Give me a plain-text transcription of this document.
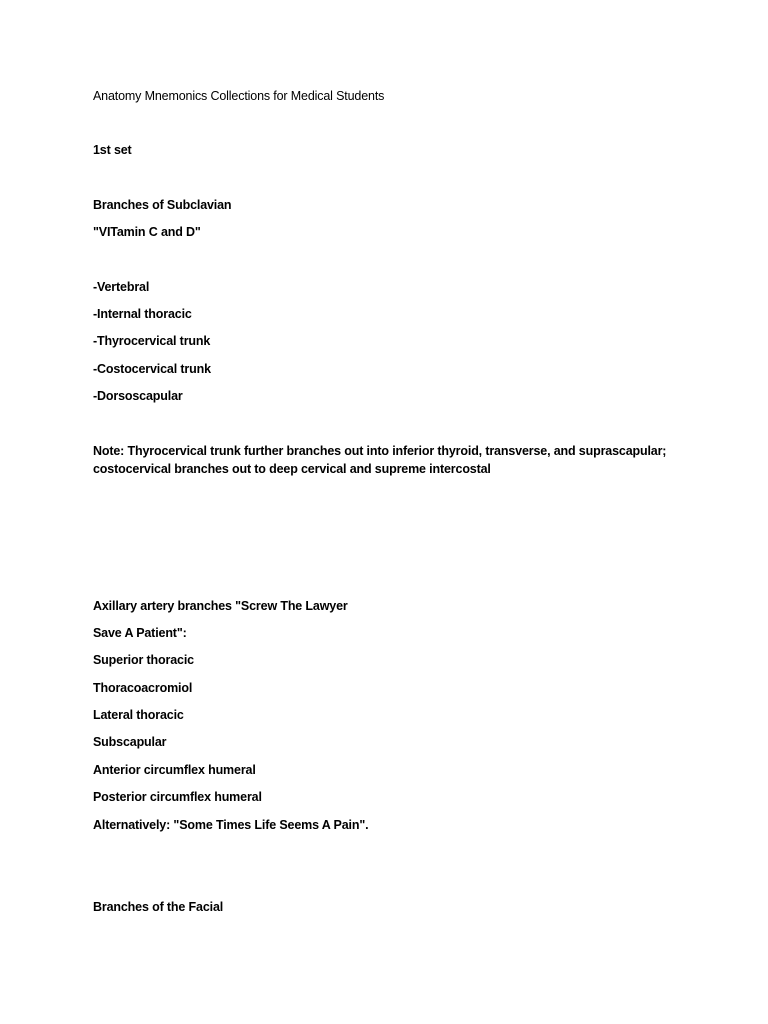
Anatomy Mnemonics Collections for Medical Students

1st set

Branches of Subclavian

"VITamin C and D"

-Vertebral

-Internal thoracic

-Thyrocervical trunk

-Costocervical trunk

-Dorsoscapular

Note: Thyrocervical trunk further branches out into inferior thyroid, transverse, and suprascapular; costocervical branches out to deep cervical and supreme intercostal

Axillary artery branches "Screw The Lawyer

Save A Patient":

Superior thoracic

Thoracoacromiol

Lateral thoracic

Subscapular

Anterior circumflex humeral

Posterior circumflex humeral

Alternatively: "Some Times Life Seems A Pain".

Branches of the Facial
